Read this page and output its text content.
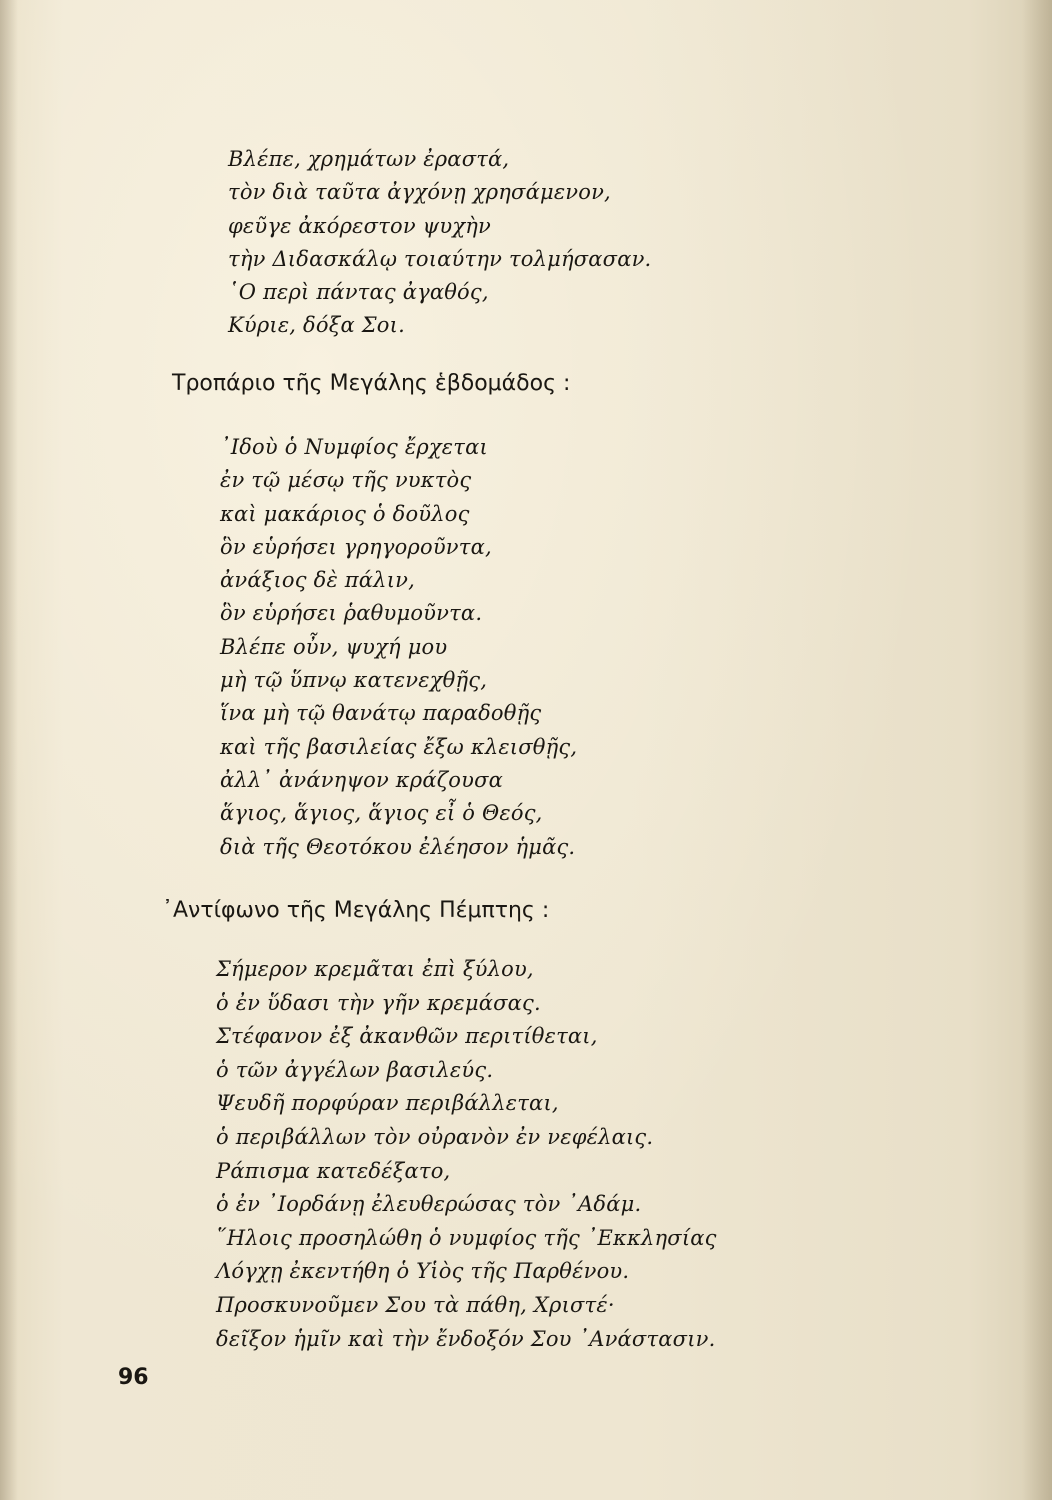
Βλέπε, χρημάτων ἐραστά,
τὸν διὰ ταῦτα ἀγχόνῃ χρησάμενον,
φεῦγε ἀκόρεστον ψυχὴν
τὴν Διδασκάλῳ τοιαύτην τολμήσασαν.
῾Ο περὶ πάντας ἀγαθός,
Κύριε, δόξα Σοι.
Τροπάριο τῆς Μεγάλης ἑβδομάδος :
᾿Ιδοὺ ὁ Νυμφίος ἔρχεται
ἐν τῷ μέσῳ τῆς νυκτὸς
καὶ μακάριος ὁ δοῦλος
ὃν εὑρήσει γρηγοροῦντα,
ἀνάξιος δὲ πάλιν,
ὃν εὑρήσει ῥαθυμοῦντα.
Βλέπε οὖν, ψυχή μου
μὴ τῷ ὕπνῳ κατενεχθῇς,
ἵνα μὴ τῷ θανάτῳ παραδοθῇς
καὶ τῆς βασιλείας ἔξω κλεισθῇς,
ἀλλ᾿ ἀνάνηψον κράζουσα
ἅγιος, ἅγιος, ἅγιος εἶ ὁ Θεός,
διὰ τῆς Θεοτόκου ἐλέησον ἡμᾶς.
᾿Αντίφωνο τῆς Μεγάλης Πέμπτης :
Σήμερον κρεμᾶται ἐπὶ ξύλου,
ὁ ἐν ὕδασι τὴν γῆν κρεμάσας.
Στέφανον ἐξ ἀκανθῶν περιτίθεται,
ὁ τῶν ἀγγέλων βασιλεύς.
Ψευδῆ πορφύραν περιβάλλεται,
ὁ περιβάλλων τὸν οὐρανὸν ἐν νεφέλαις.
Ράπισμα κατεδέξατο,
ὁ ἐν ᾿Ιορδάνῃ ἐλευθερώσας τὸν ᾿Αδάμ.
῞Ηλοις προσηλώθη ὁ νυμφίος τῆς ᾿Εκκλησίας
Λόγχῃ ἐκεντήθη ὁ Υἱὸς τῆς Παρθένου.
Προσκυνοῦμεν Σου τὰ πάθη, Χριστέ·
δεῖξον ἡμῖν καὶ τὴν ἔνδοξόν Σου ᾿Ανάστασιν.
96
